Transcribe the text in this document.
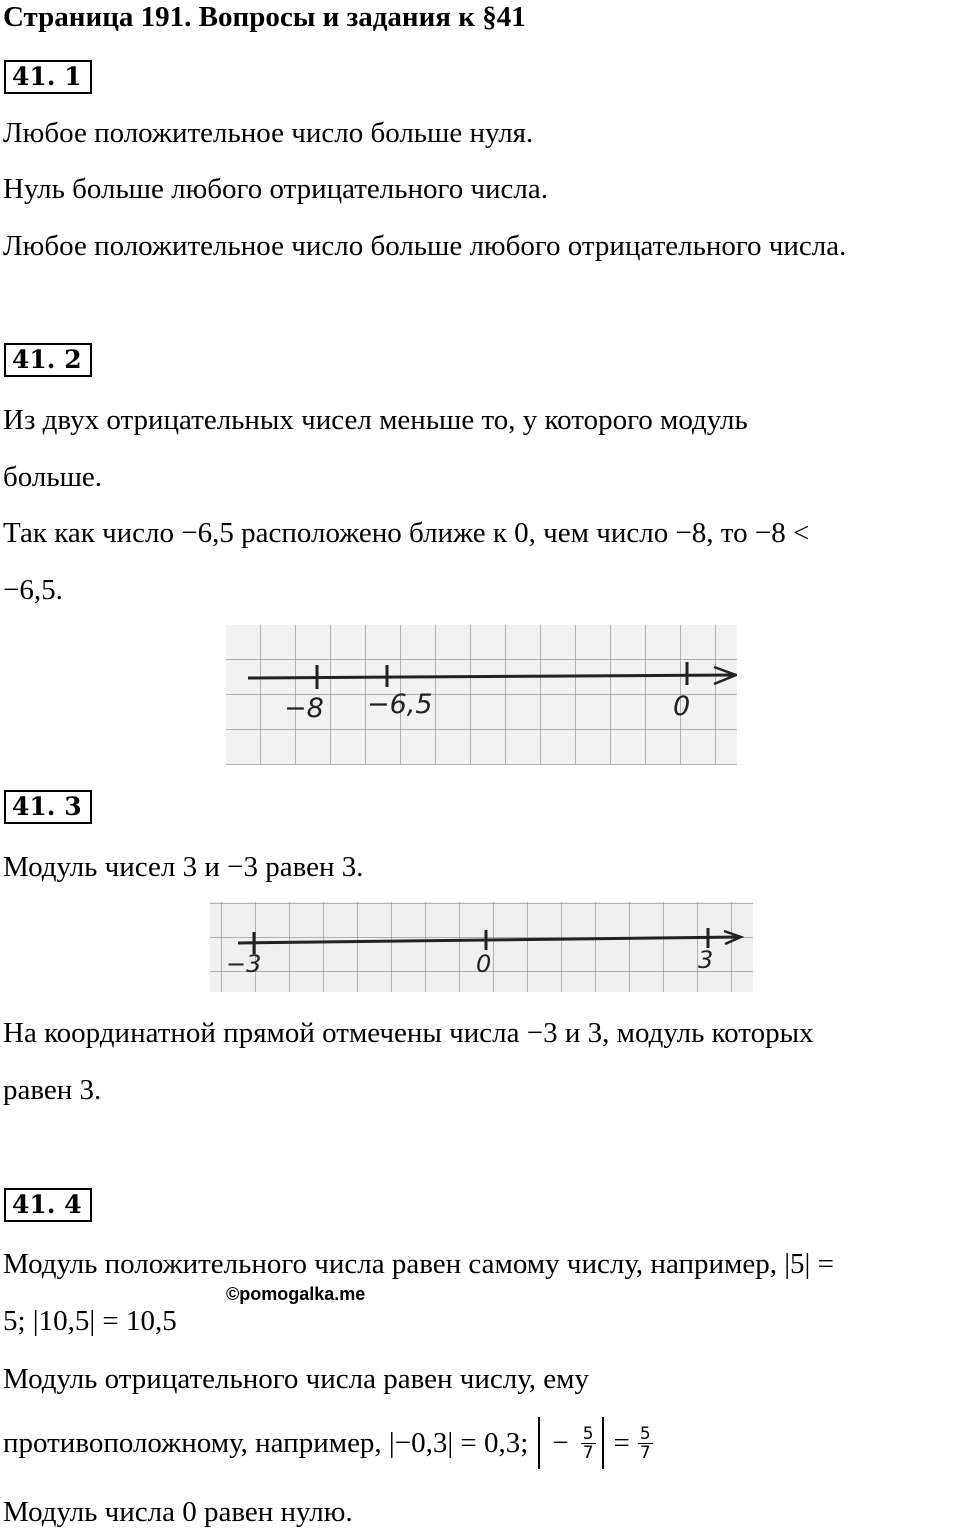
Страница 191. Вопросы и задания к §41
41. 1
Любое положительное число больше нуля.
Нуль больше любого отрицательного числа.
Любое положительное число больше любого отрицательного числа.
41. 2
Из двух отрицательных чисел меньше то, у которого модуль
больше.
Так как число −6,5 расположено ближе к 0, чем число −8, то −8 <
−6,5.
−8 −6,5	0
41. 3
Модуль чисел 3 и −3 равен 3.
−3	0	3
На координатной прямой отмечены числа −3 и 3, модуль которых
равен 3.
41. 4
Модуль положительного числа равен самому числу, например, |5| =
©pomogalka.me
5; |10,5| = 10,5
Модуль отрицательного числа равен числу, ему
противоположному, например, |−0,3| = 0,3; − $\frac{5}{7} = \frac{5}{7}$
Модуль числа 0 равен нулю.
